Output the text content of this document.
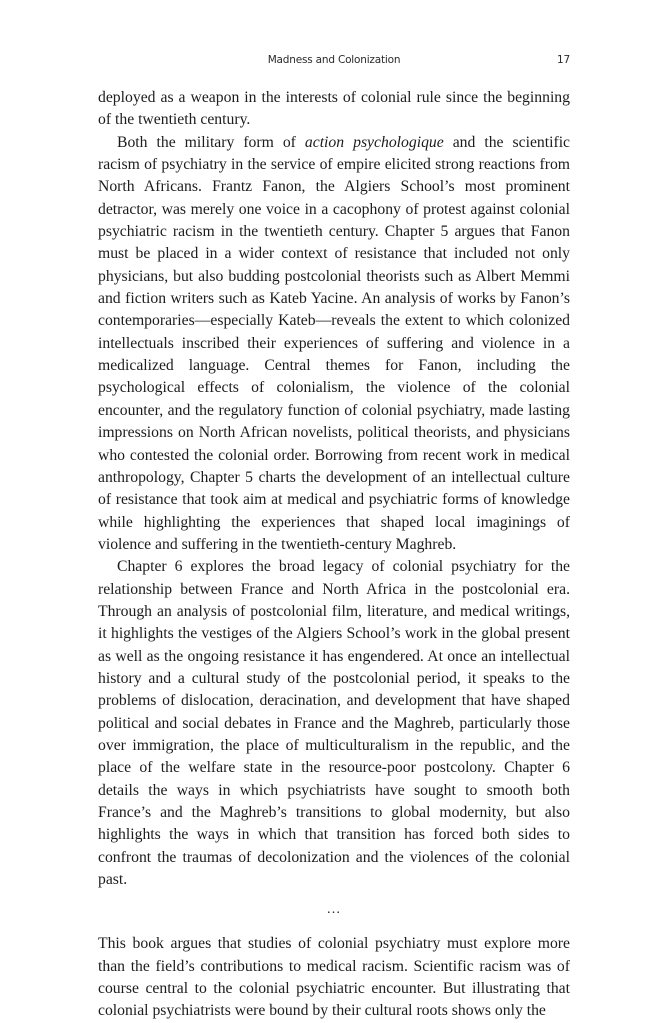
Madness and Colonization	17

deployed as a weapon in the interests of colonial rule since the beginning of the twentieth century.

Both the military form of action psychologique and the scientific racism of psychiatry in the service of empire elicited strong reactions from North Africans. Frantz Fanon, the Algiers School’s most prominent detractor, was merely one voice in a cacophony of protest against colonial psychiatric racism in the twentieth century. Chapter 5 argues that Fanon must be placed in a wider context of resistance that included not only physicians, but also budding postcolonial theorists such as Albert Memmi and fiction writers such as Kateb Yacine. An analysis of works by Fanon’s contemporaries—especially Kateb—reveals the extent to which colonized intellectuals inscribed their experiences of suffering and violence in a medicalized language. Central themes for Fanon, including the psychological effects of colonialism, the violence of the colonial encounter, and the regulatory function of colonial psychiatry, made lasting impressions on North African novelists, political theorists, and physicians who contested the colonial order. Borrowing from recent work in medical anthropology, Chapter 5 charts the development of an intellectual culture of resistance that took aim at medical and psychiatric forms of knowledge while highlighting the experiences that shaped local imaginings of violence and suffering in the twentieth-century Maghreb.

Chapter 6 explores the broad legacy of colonial psychiatry for the relationship between France and North Africa in the postcolonial era. Through an analysis of postcolonial film, literature, and medical writings, it highlights the vestiges of the Algiers School’s work in the global present as well as the ongoing resistance it has engendered. At once an intellectual history and a cultural study of the postcolonial period, it speaks to the problems of dislocation, deracination, and development that have shaped political and social debates in France and the Maghreb, particularly those over immigration, the place of multiculturalism in the republic, and the place of the welfare state in the resource-poor postcolony. Chapter 6 details the ways in which psychiatrists have sought to smooth both France’s and the Maghreb’s transitions to global modernity, but also highlights the ways in which that transition has forced both sides to confront the traumas of decolonization and the violences of the colonial past.

…

This book argues that studies of colonial psychiatry must explore more than the field’s contributions to medical racism. Scientific racism was of course central to the colonial psychiatric encounter. But illustrating that colonial psychiatrists were bound by their cultural roots shows only the
